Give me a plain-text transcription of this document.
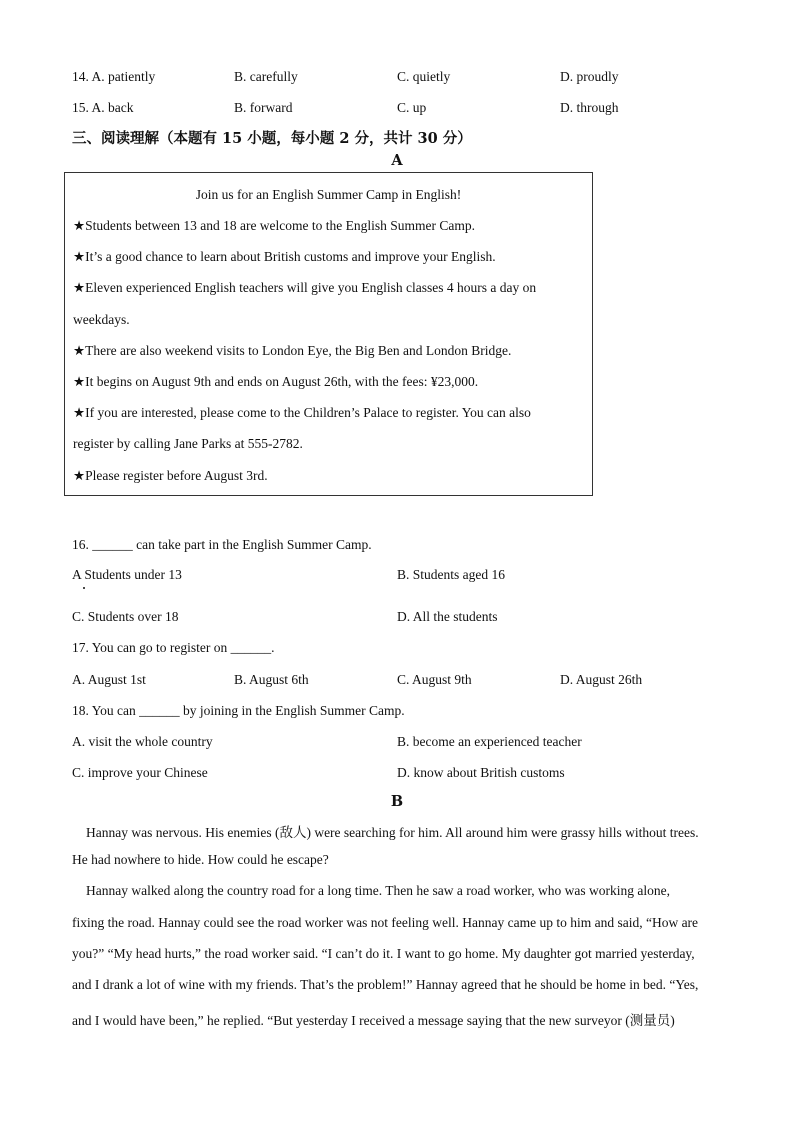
14. A. patiently	B. carefully	C. quietly	D. proudly
15. A. back	B. forward	C. up	D. through
三、阅读理解（本题有 15 小题，每小题 2 分，共计 30 分）
A
Join us for an English Summer Camp in English!
★Students between 13 and 18 are welcome to the English Summer Camp.
★It’s a good chance to learn about British customs and improve your English.
★Eleven experienced English teachers will give you English classes 4 hours a day on
weekdays.
★There are also weekend visits to London Eye, the Big Ben and London Bridge.
★It begins on August 9th and ends on August 26th, with the fees: ¥23,000.
★If you are interested, please come to the Children’s Palace to register. You can also
register by calling Jane Parks at 555-2782.
★Please register before August 3rd.
16. ______ can take part in the English Summer Camp.
A Students under 13	B. Students aged 16
C. Students over 18	D. All the students
17. You can go to register on ______.
A. August 1st	B. August 6th	C. August 9th	D. August 26th
18. You can ______ by joining in the English Summer Camp.
A. visit the whole country	B. become an experienced teacher
C. improve your Chinese	D. know about British customs
B
Hannay was nervous. His enemies (敌人) were searching for him. All around him were grassy hills without trees.
He had nowhere to hide. How could he escape?
Hannay walked along the country road for a long time. Then he saw a road worker, who was working alone,
fixing the road. Hannay could see the road worker was not feeling well. Hannay came up to him and said, “How are
you?” “My head hurts,” the road worker said. “I can’t do it. I want to go home. My daughter got married yesterday,
and I drank a lot of wine with my friends. That’s the problem!” Hannay agreed that he should be home in bed. “Yes,
and I would have been,” he replied. “But yesterday I received a message saying that the new surveyor (测量员)
